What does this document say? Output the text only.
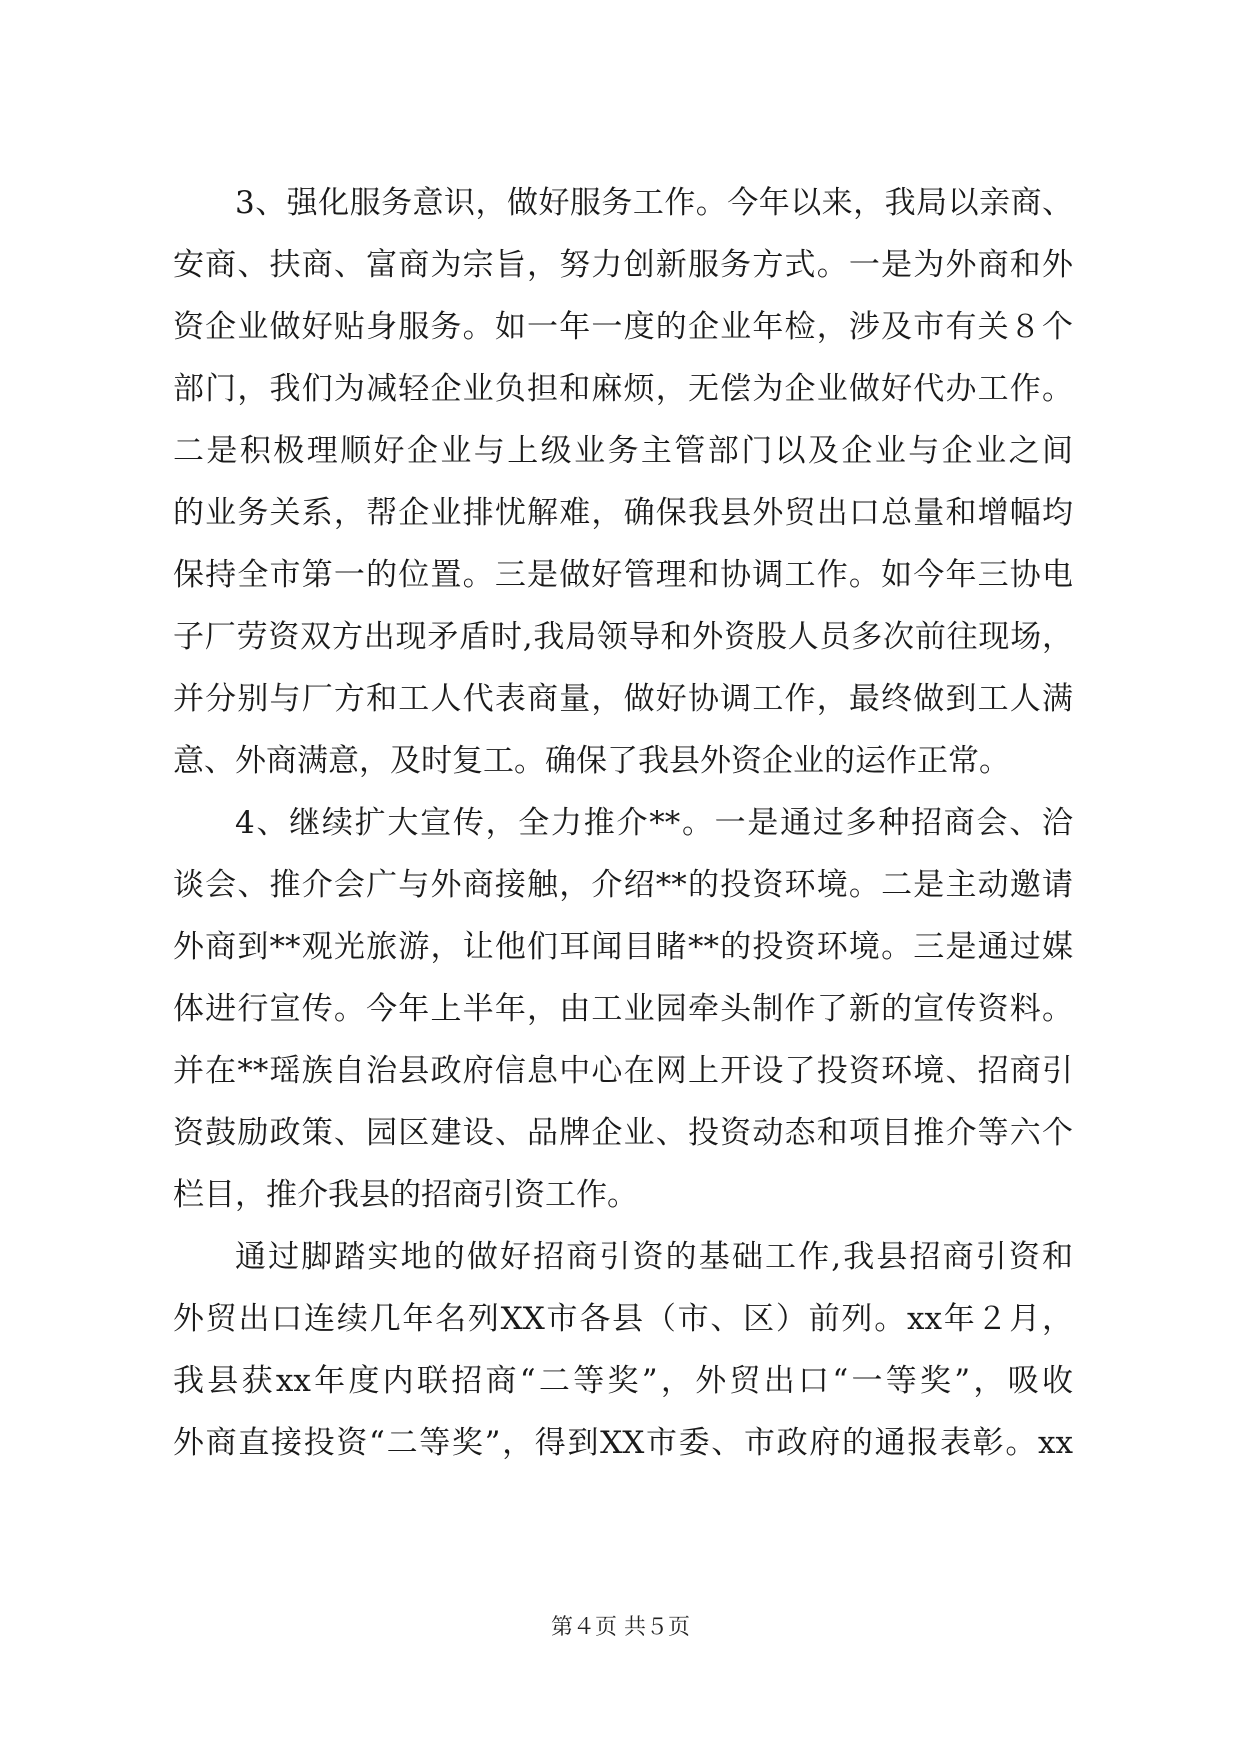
3、强化服务意识，做好服务工作。今年以来，我局以亲商、
安商、扶商、富商为宗旨，努力创新服务方式。一是为外商和外
资企业做好贴身服务。如一年一度的企业年检，涉及市有关８个
部门，我们为减轻企业负担和麻烦，无偿为企业做好代办工作。
二是积极理顺好企业与上级业务主管部门以及企业与企业之间
的业务关系，帮企业排忧解难，确保我县外贸出口总量和增幅均
保持全市第一的位置。三是做好管理和协调工作。如今年三协电
子厂劳资双方出现矛盾时,我局领导和外资股人员多次前往现场，
并分别与厂方和工人代表商量，做好协调工作，最终做到工人满
意、外商满意，及时复工。确保了我县外资企业的运作正常。
4、继续扩大宣传，全力推介**。一是通过多种招商会、洽
谈会、推介会广与外商接触，介绍**的投资环境。二是主动邀请
外商到**观光旅游，让他们耳闻目睹**的投资环境。三是通过媒
体进行宣传。今年上半年，由工业园牵头制作了新的宣传资料。
并在**瑶族自治县政府信息中心在网上开设了投资环境、招商引
资鼓励政策、园区建设、品牌企业、投资动态和项目推介等六个
栏目，推介我县的招商引资工作。
通过脚踏实地的做好招商引资的基础工作,我县招商引资和
外贸出口连续几年名列XX市各县（市、区）前列。xx年２月，
我县获xx年度内联招商“二等奖”，外贸出口“一等奖”，吸收
外商直接投资“二等奖”，得到XX市委、市政府的通报表彰。xx
第４页 共５页
